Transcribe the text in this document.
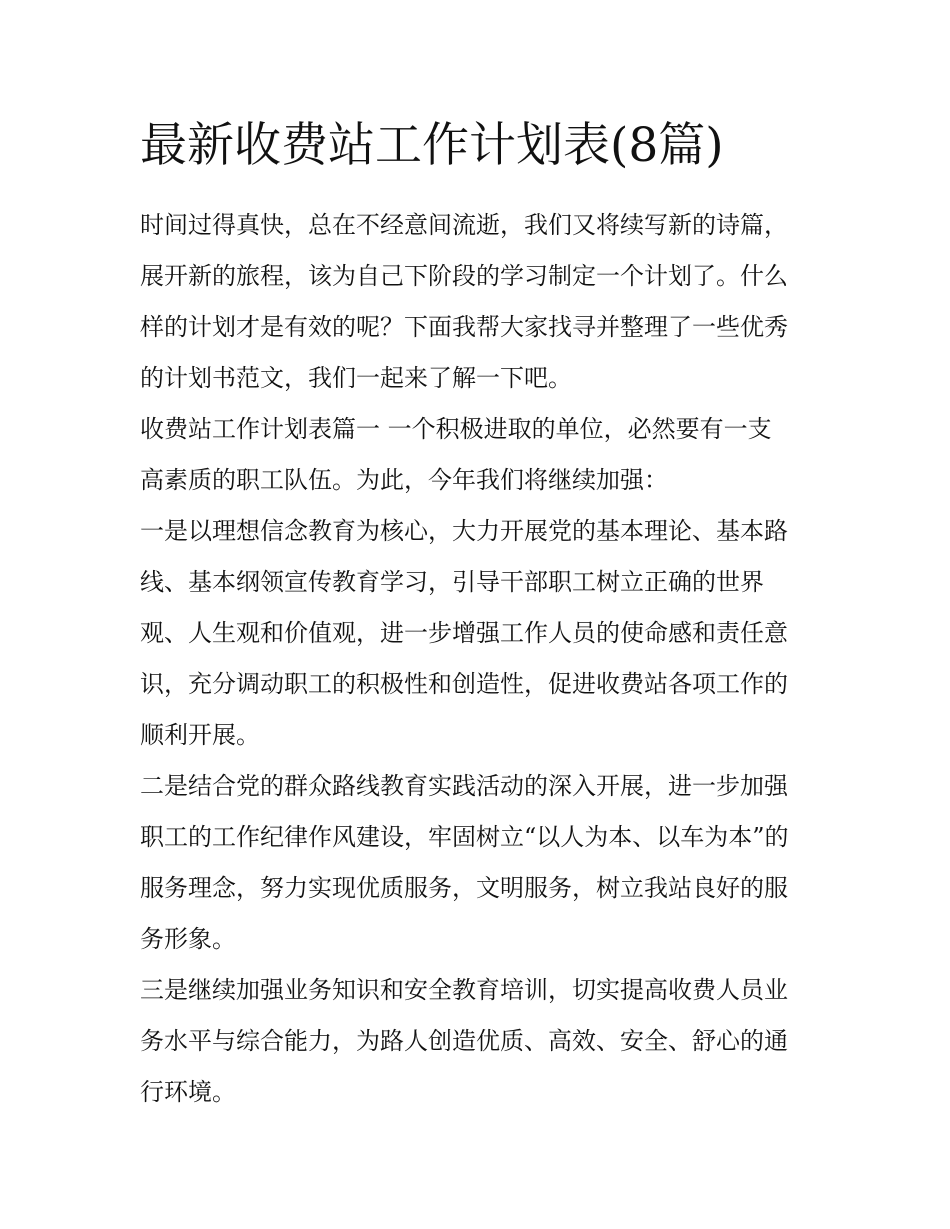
最新收费站工作计划表(8篇)
时间过得真快，总在不经意间流逝，我们又将续写新的诗篇，
展开新的旅程，该为自己下阶段的学习制定一个计划了。什么
样的计划才是有效的呢？下面我帮大家找寻并整理了一些优秀
的计划书范文，我们一起来了解一下吧。
收费站工作计划表篇一 一个积极进取的单位，必然要有一支
高素质的职工队伍。为此，今年我们将继续加强：
一是以理想信念教育为核心，大力开展党的基本理论、基本路
线、基本纲领宣传教育学习，引导干部职工树立正确的世界
观、人生观和价值观，进一步增强工作人员的使命感和责任意
识，充分调动职工的积极性和创造性，促进收费站各项工作的
顺利开展。
二是结合党的群众路线教育实践活动的深入开展，进一步加强
职工的工作纪律作风建设，牢固树立“以人为本、以车为本”的
服务理念，努力实现优质服务，文明服务，树立我站良好的服
务形象。
三是继续加强业务知识和安全教育培训，切实提高收费人员业
务水平与综合能力，为路人创造优质、高效、安全、舒心的通
行环境。
